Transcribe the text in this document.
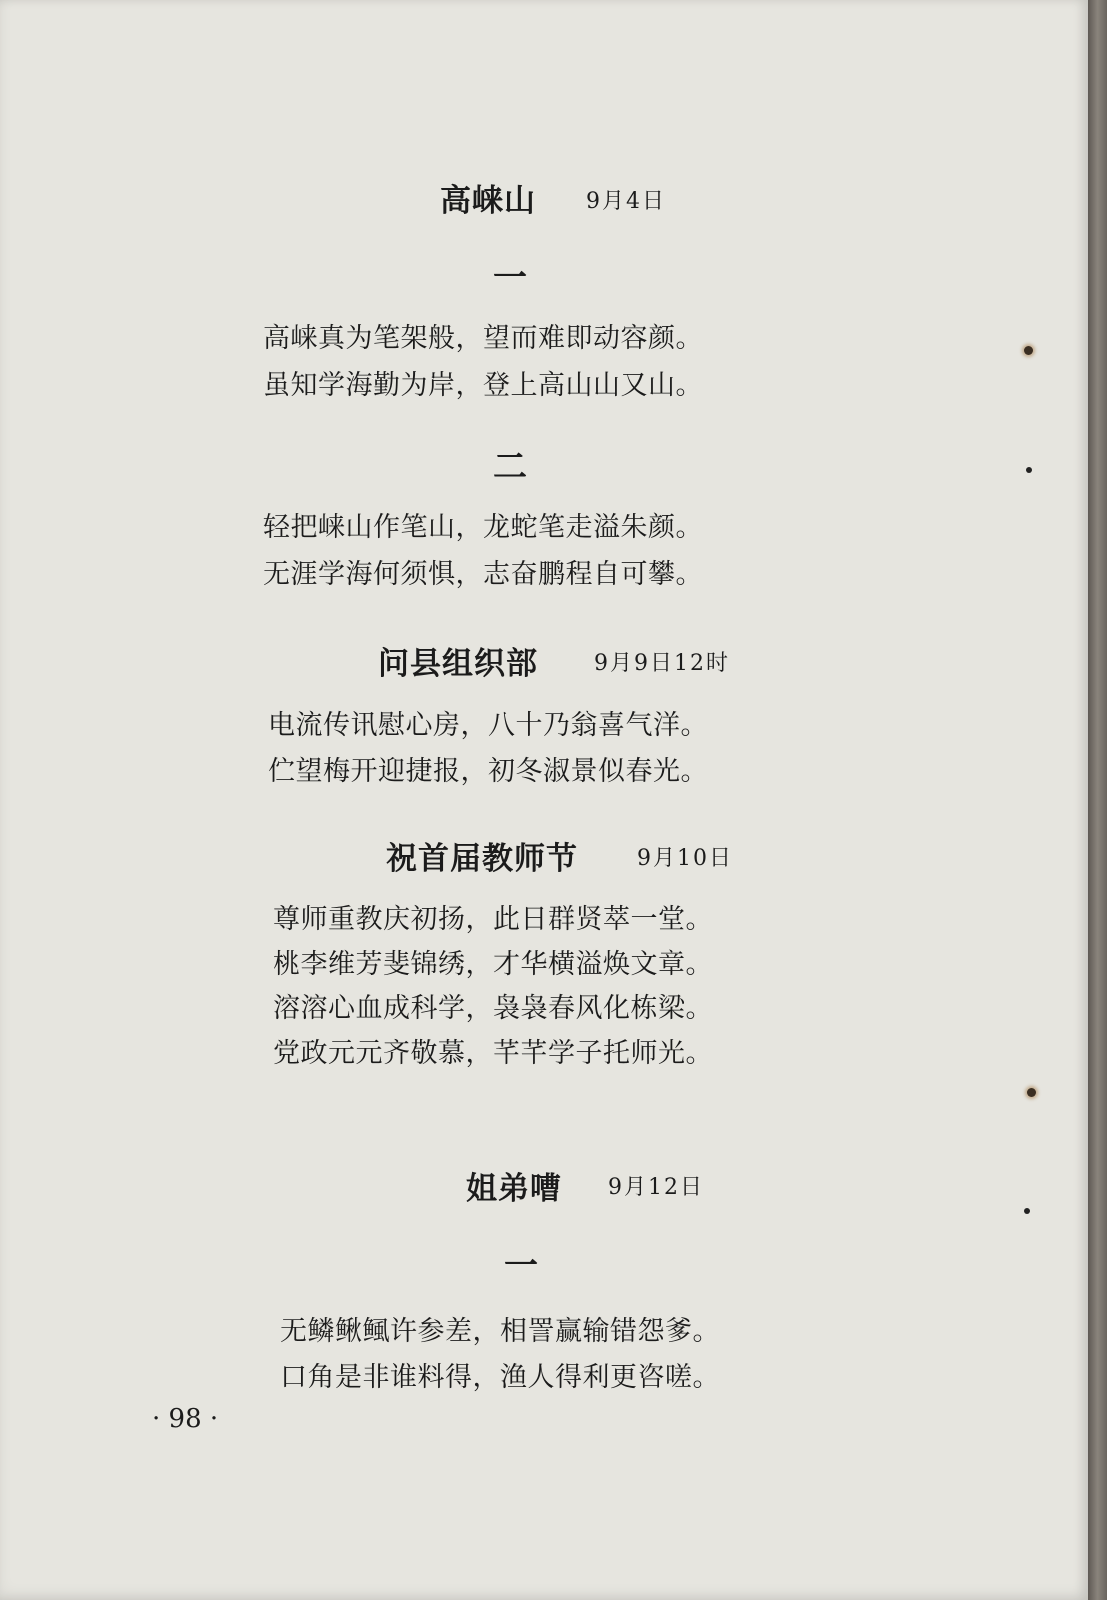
高崃山 9月4日
一
高崃真为笔架般，望而难即动容颜。
虽知学海勤为岸，登上高山山又山。
二
轻把崃山作笔山，龙蛇笔走溢朱颜。
无涯学海何须惧，志奋鹏程自可攀。
问县组织部	9月9日12时
电流传讯慰心房，八十乃翁喜气洋。
伫望梅开迎捷报，初冬淑景似春光。
祝首届教师节	9月10日
尊师重教庆初扬，此日群贤萃一堂。
桃李维芳斐锦绣，才华横溢焕文章。
溶溶心血成科学，袅袅春风化栋梁。
党政元元齐敬慕，芊芊学子托师光。
姐弟嘈 9月12日
一
无鳞鳅鲺许参差，相詈赢输错怨爹。
口角是非谁料得，渔人得利更咨嗟。
· 98 ·
